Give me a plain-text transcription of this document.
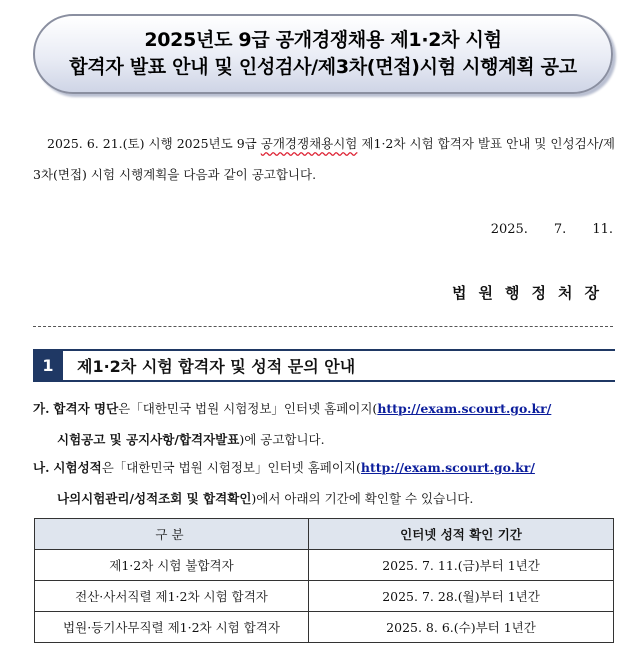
2025년도 9급 공개경쟁채용 제1·2차 시험
합격자 발표 안내 및 인성검사/제3차(면접)시험 시행계획 공고
2025. 6. 21.(토) 시행 2025년도 9급 공개경쟁채용시험 제1·2차 시험 합격자 발표 안내 및 인성검사/제3차(면접) 시험 시행계획을 다음과 같이 공고합니다.
2025. 7. 11.
법원행정처장
1	제1·2차 시험 합격자 및 성적 문의 안내
가. 합격자 명단은「대한민국 법원 시험정보」인터넷 홈페이지(http://exam.scourt.go.kr/
시험공고 및 공지사항/합격자발표)에 공고합니다.
나. 시험성적은「대한민국 법원 시험정보」인터넷 홈페이지(http://exam.scourt.go.kr/
나의시험관리/성적조회 및 합격확인)에서 아래의 기간에 확인할 수 있습니다.
구분	인터넷 성적 확인 기간
제1·2차 시험 불합격자	2025. 7. 11.(금)부터 1년간
전산·사서직렬 제1·2차 시험 합격자	2025. 7. 28.(월)부터 1년간
법원·등기사무직렬 제1·2차 시험 합격자	2025. 8. 6.(수)부터 1년간
